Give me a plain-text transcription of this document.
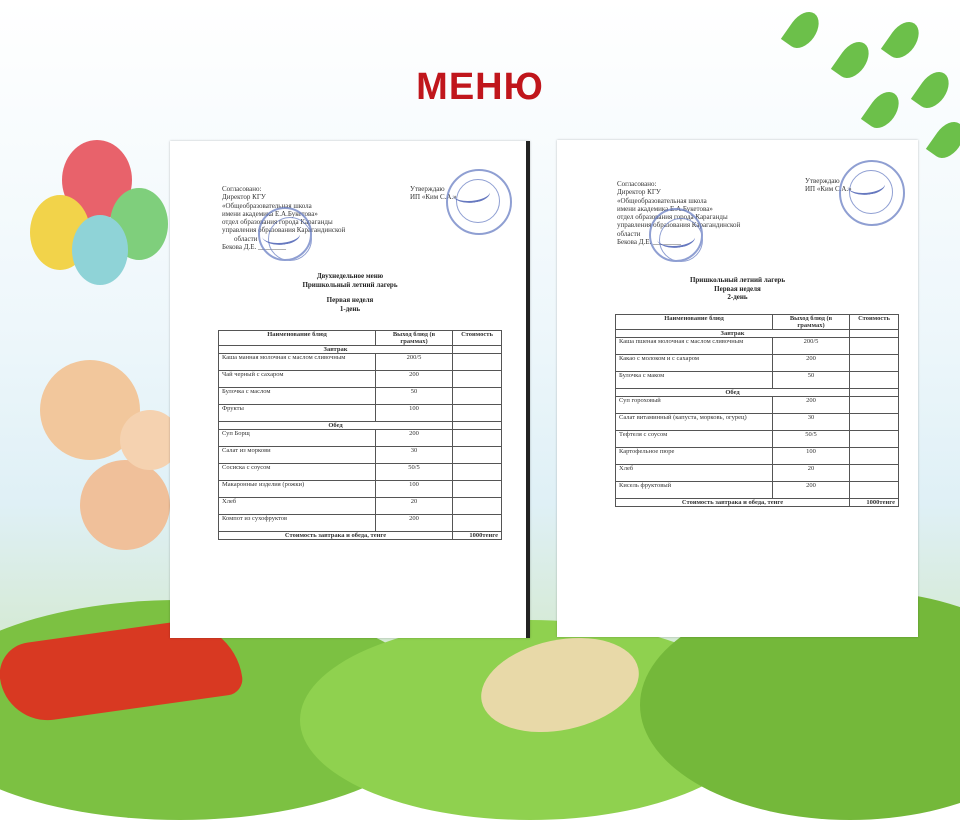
МЕНЮ
Согласовано:
Директор КГУ
«Общеобразовательная школа
имени академика Е.А.Букетова»
отдел образования города Караганды
управления образования Карагандинской
области
Бекова Д.Е. ________
Утверждаю
ИП «Ким С.А.»
Двухнедельное меню
Пришкольный летний лагерь
Первая неделя
1-день
Наименование блюд	Выход блюд (в граммах)	Стоимость
Завтрак		
Каша манная молочная с маслом сливочным	200/5	
Чай черный с сахаром	200	
Булочка с маслом	50	
Фрукты	100	
Обед		
Суп Борщ	200	
Салат из моркови	30	
Сосиска с соусом	50/5	
Макаронные изделия (рожки)	100	
Хлеб	20	
Компот из сухофруктов	200	
Стоимость завтрака и обеда, тенге		1000тенге
Согласовано:
Директор КГУ
«Общеобразовательная школа
имени академика Е.А.Букетова»
отдел образования города Караганды
управления образования Карагандинской
области
Бекова Д.Е. ________
Утверждаю
ИП «Ким С.А.»
Пришкольный летний лагерь
Первая неделя
2-день
Наименование блюд	Выход блюд (в граммах)	Стоимость
Завтрак		
Каша пшеная молочная с маслом сливочным	200/5	
Какао с молоком и с сахаром	200	
Булочка с маком	50	
Обед		
Суп гороховый	200	
Салат витаминный (капуста, морковь, огурец)	30	
Тефтеля с соусом	50/5	
Картофельное пюре	100	
Хлеб	20	
Кисель фруктовый	200	
Стоимость завтрака и обеда, тенге		1000тенге
